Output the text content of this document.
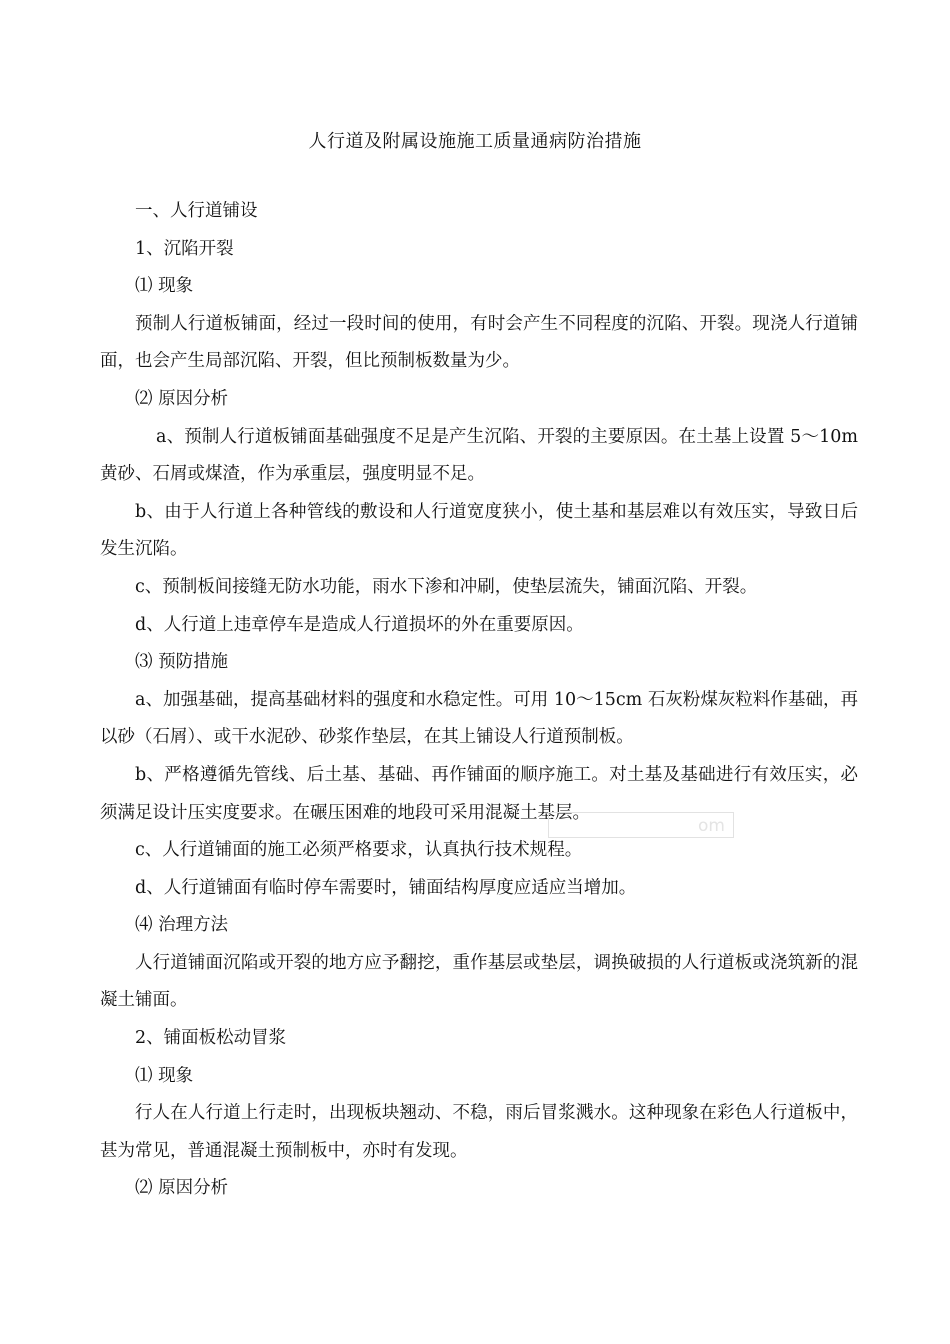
人行道及附属设施施工质量通病防治措施

一、人行道铺设

1、沉陷开裂

⑴ 现象

预制人行道板铺面，经过一段时间的使用，有时会产生不同程度的沉陷、开裂。现浇人行道铺面，也会产生局部沉陷、开裂，但比预制板数量为少。

⑵ 原因分析

a、预制人行道板铺面基础强度不足是产生沉陷、开裂的主要原因。在土基上设置 5～10m 黄砂、石屑或煤渣，作为承重层，强度明显不足。

b、由于人行道上各种管线的敷设和人行道宽度狭小，使土基和基层难以有效压实，导致日后发生沉陷。

c、预制板间接缝无防水功能，雨水下渗和冲刷，使垫层流失，铺面沉陷、开裂。

d、人行道上违章停车是造成人行道损坏的外在重要原因。

⑶ 预防措施

a、加强基础，提高基础材料的强度和水稳定性。可用 10～15cm 石灰粉煤灰粒料作基础，再以砂（石屑）、或干水泥砂、砂浆作垫层，在其上铺设人行道预制板。

b、严格遵循先管线、后土基、基础、再作铺面的顺序施工。对土基及基础进行有效压实，必须满足设计压实度要求。在碾压困难的地段可采用混凝土基层。

c、人行道铺面的施工必须严格要求，认真执行技术规程。

d、人行道铺面有临时停车需要时，铺面结构厚度应适应当增加。

⑷ 治理方法

人行道铺面沉陷或开裂的地方应予翻挖，重作基层或垫层，调换破损的人行道板或浇筑新的混凝土铺面。

2、铺面板松动冒浆

⑴ 现象

行人在人行道上行走时，出现板块翘动、不稳，雨后冒浆溅水。这种现象在彩色人行道板中，甚为常见，普通混凝土预制板中，亦时有发现。

⑵ 原因分析

om
